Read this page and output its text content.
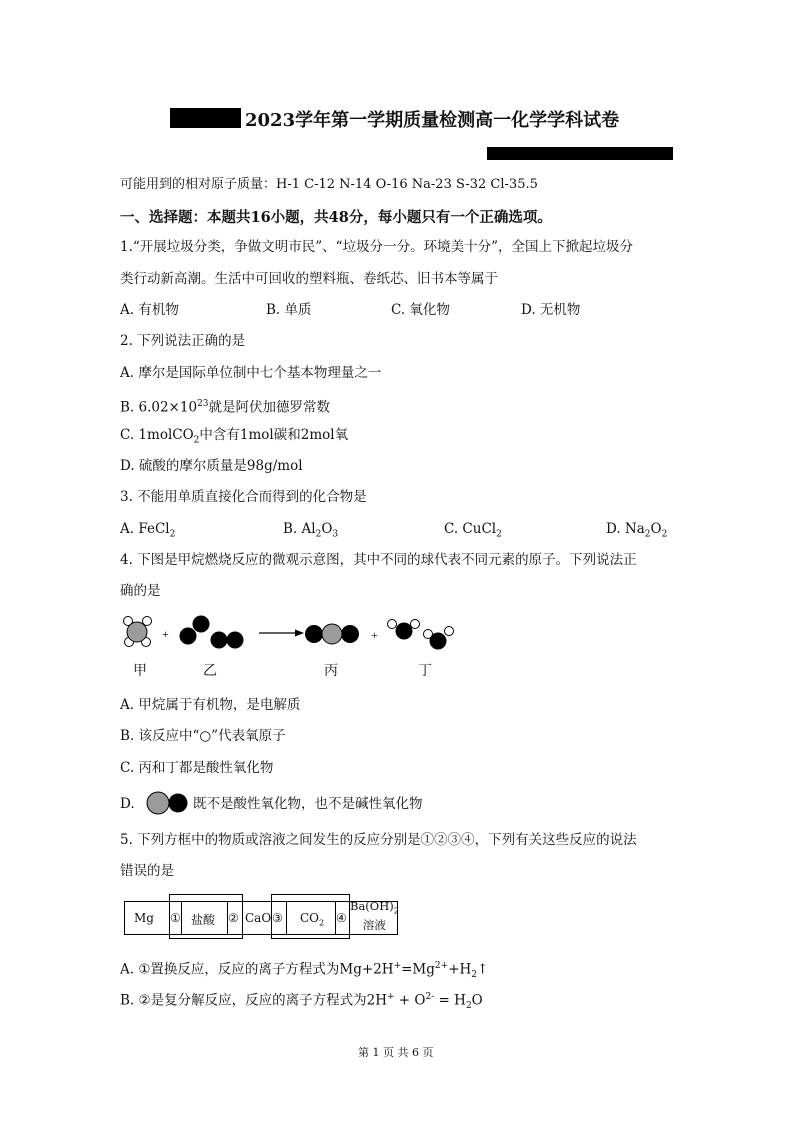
2023学年第一学期质量检测高一化学学科试卷
可能用到的相对原子质量：H-1 C-12 N-14 O-16 Na-23 S-32 Cl-35.5
一、选择题：本题共16小题，共48分，每小题只有一个正确选项。
1.“开展垃圾分类，争做文明市民”、“垃圾分一分。环境美十分”，全国上下掀起垃圾分
类行动新高潮。生活中可回收的塑料瓶、卷纸芯、旧书本等属于
A. 有机物	B. 单质	C. 氧化物	D. 无机物
2. 下列说法正确的是
A. 摩尔是国际单位制中七个基本物理量之一
B. $6.02\times 10^{23}$就是阿伏加德罗常数
C. 1molCO$_2$中含有1mol碳和2mol氧
D. 硫酸的摩尔质量是98g/mol
3. 不能用单质直接化合而得到的化合物是
A. FeCl$_2$	B. $Al_2O_3$	C. CuCl$_2$	D. $Na_2O_2$
4. 下图是甲烷燃烧反应的微观示意图，其中不同的球代表不同元素的原子。下列说法正
确的是
+	+
甲	乙	丙	丁
A. 甲烷属于有机物，是电解质
B. 该反应中“○”代表氧原子
C. 丙和丁都是酸性氧化物
D.	既不是酸性氧化物，也不是碱性氧化物
5. 下列方框中的物质或溶液之间发生的反应分别是①②③④，下列有关这些反应的说法
错误的是
Mg ① 盐酸 ② CaO ③ $CO_2$ ④
$Ba(OH)_2$
溶液
A. ①置换反应，反应的离子方程式为$Mg+2H^+=Mg^{2+}+H_2↑$
B. ②是复分解反应，反应的离子方程式为$2H^+ + O^{2-} = H_2O$
第 1 页 共 6 页
